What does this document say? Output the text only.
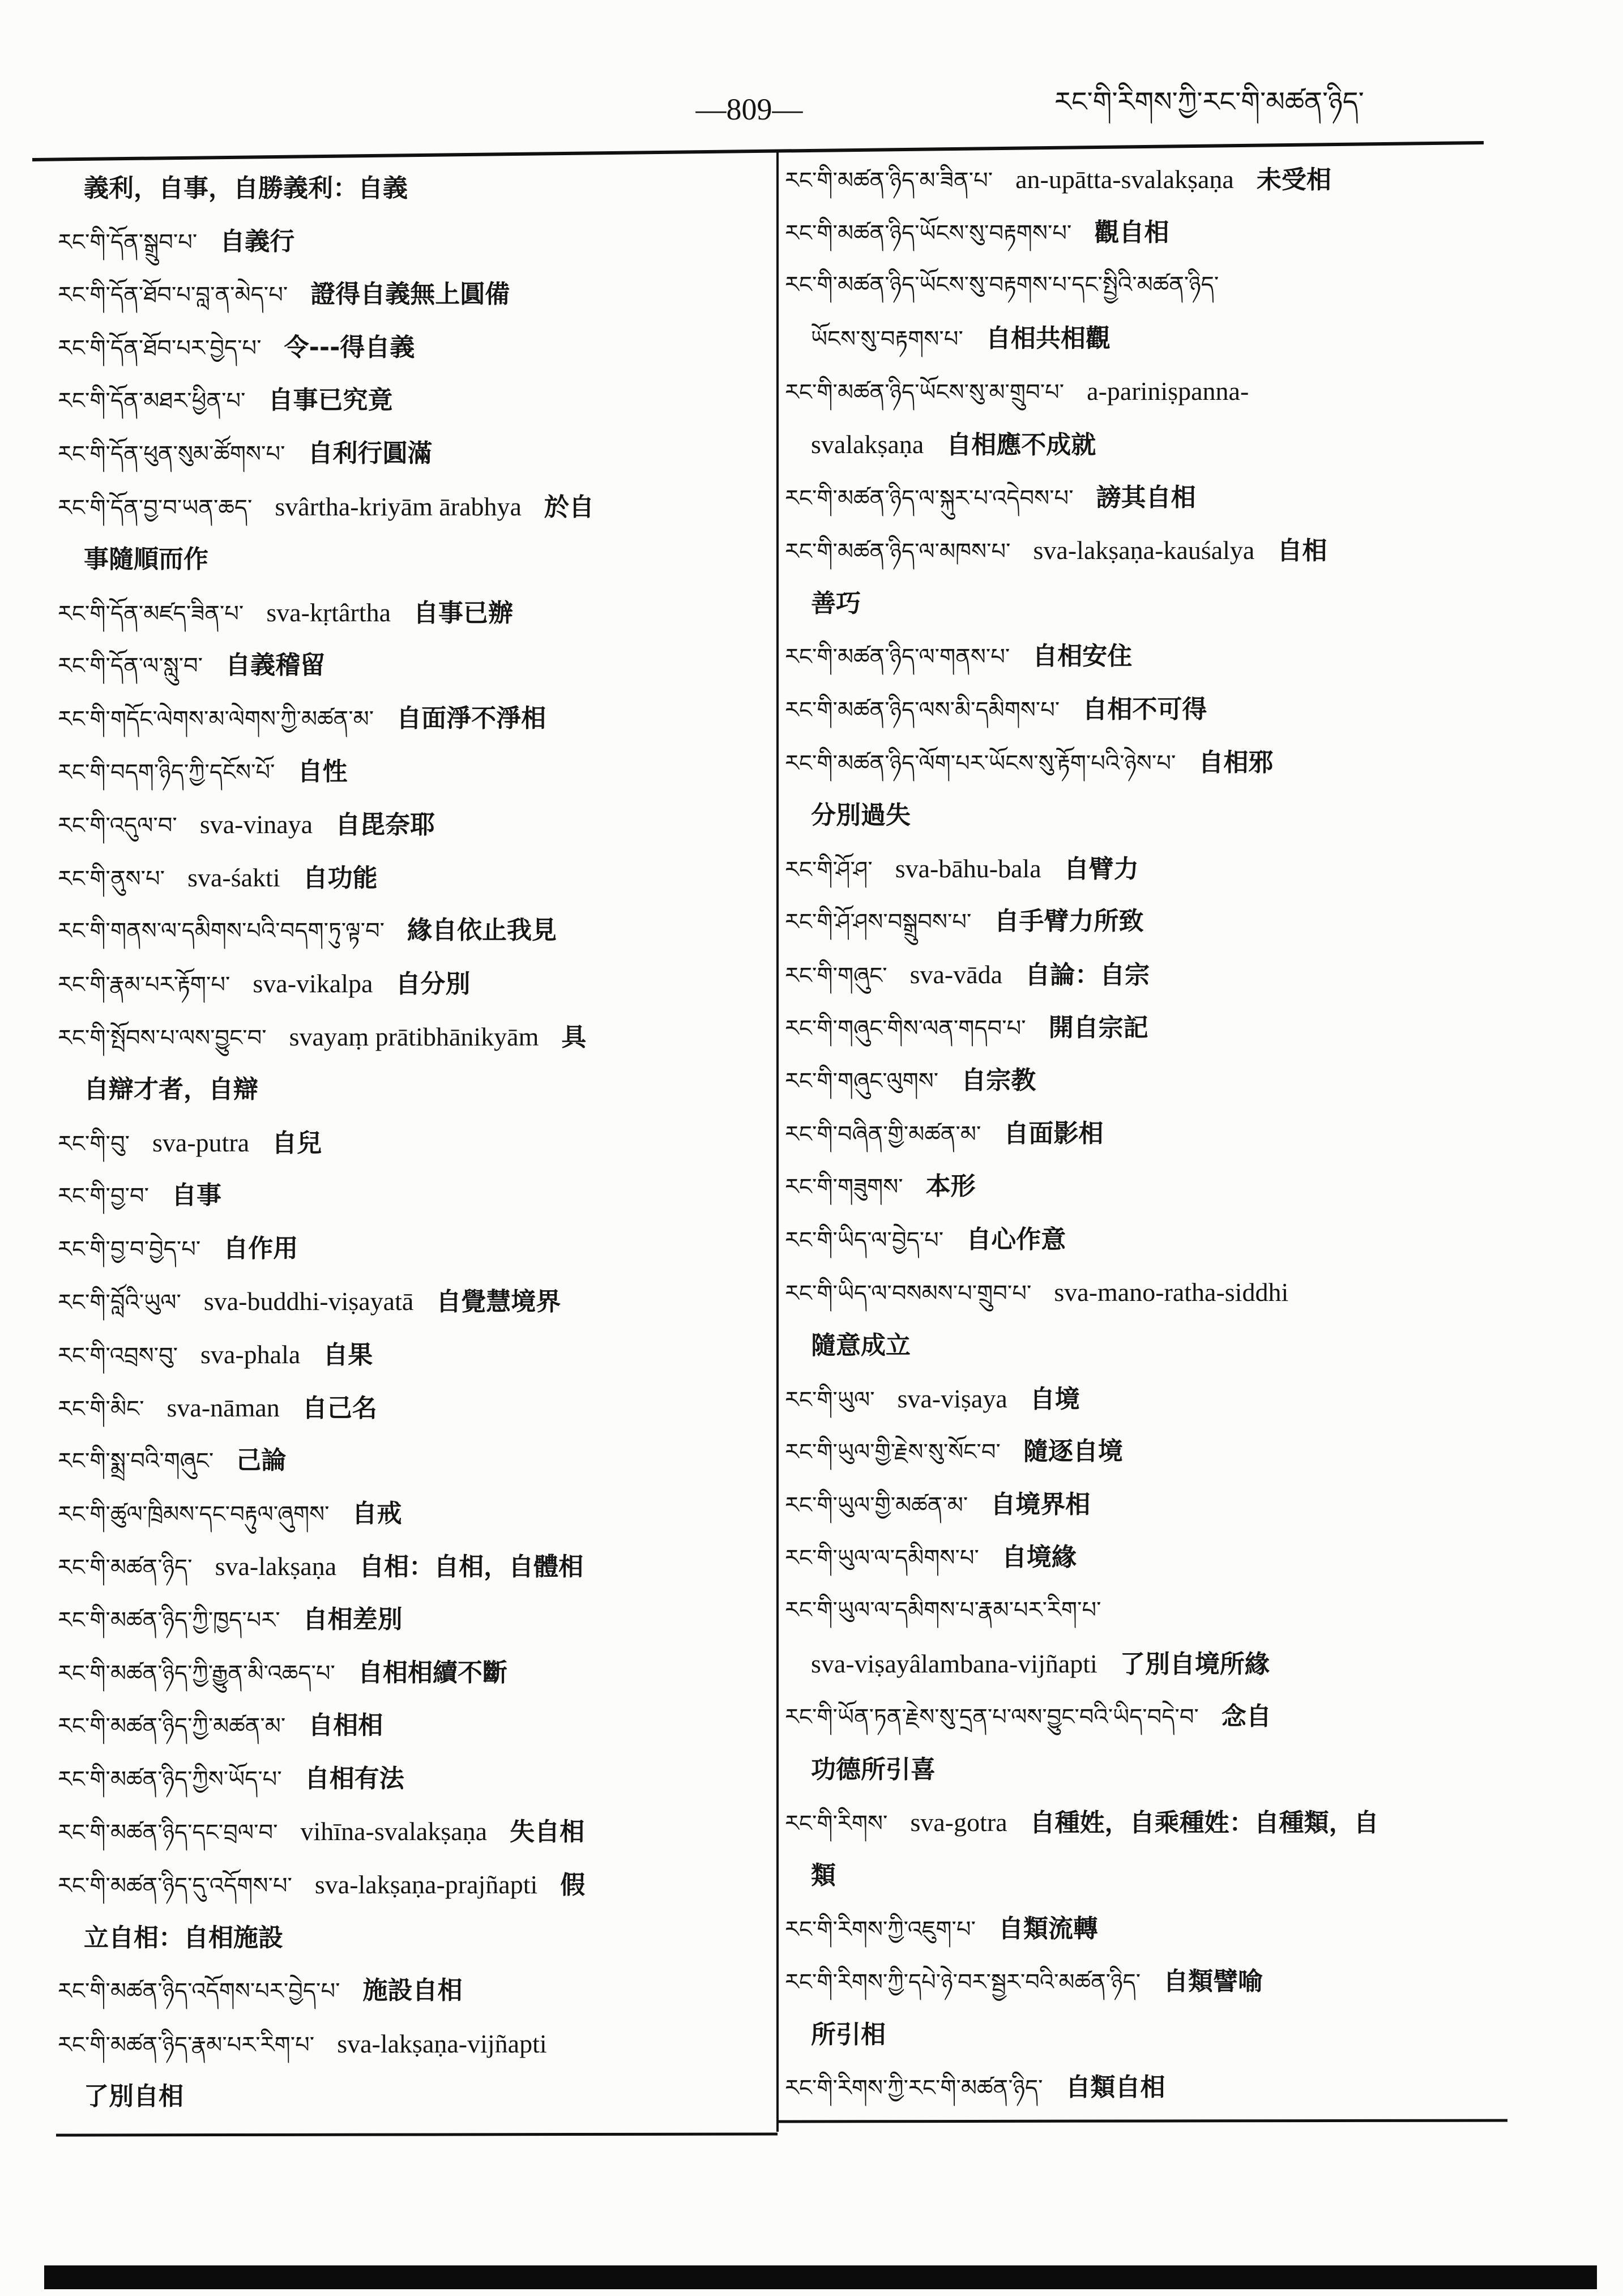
—809—	རང་གི་རིགས་ཀྱི་རང་གི་མཚན་ཉིད་
義利，自事，自勝義利：自義
རང་གི་དོན་སྒྲུབ་པ་ 自義行
རང་གི་དོན་ཐོབ་པ་བླ་ན་མེད་པ་ 證得自義無上圓備
རང་གི་དོན་ཐོབ་པར་བྱེད་པ་ 令---得自義
རང་གི་དོན་མཐར་ཕྱིན་པ་ 自事已究竟
རང་གི་དོན་ཕུན་སུམ་ཚོགས་པ་ 自利行圓滿
རང་གི་དོན་བྱ་བ་ཡན་ཆད་ svârtha-kriyām ārabhya 於自
事隨順而作
རང་གི་དོན་མཛད་ཟིན་པ་ sva-kṛtârtha 自事已辦
རང་གི་དོན་ལ་སླུ་བ་ 自義稽留
རང་གི་གདོང་ལེགས་མ་ལེགས་ཀྱི་མཚན་མ་ 自面淨不淨相
རང་གི་བདག་ཉིད་ཀྱི་དངོས་པོ་ 自性
རང་གི་འདུལ་བ་ sva-vinaya 自毘奈耶
རང་གི་ནུས་པ་ sva-śakti 自功能
རང་གི་གནས་ལ་དམིགས་པའི་བདག་ཏུ་ལྟ་བ་ 緣自依止我見
རང་གི་རྣམ་པར་རྟོག་པ་ sva-vikalpa 自分別
རང་གི་སྤོབས་པ་ལས་བྱུང་བ་ svayaṃ prātibhānikyām 具
自辯才者，自辯
རང་གི་བུ་ sva-putra 自兒
རང་གི་བྱ་བ་ 自事
རང་གི་བྱ་བ་བྱེད་པ་ 自作用
རང་གི་བློའི་ཡུལ་ sva-buddhi-viṣayatā 自覺慧境界
རང་གི་འབྲས་བུ་ sva-phala 自果
རང་གི་མིང་ sva-nāman 自己名
རང་གི་སྨྲ་བའི་གཞུང་ 己論
རང་གི་ཚུལ་ཁྲིམས་དང་བརྟུལ་ཞུགས་ 自戒
རང་གི་མཚན་ཉིད་ sva-lakṣaṇa 自相：自相，自體相
རང་གི་མཚན་ཉིད་ཀྱི་ཁྱད་པར་ 自相差別
རང་གི་མཚན་ཉིད་ཀྱི་རྒྱུན་མི་འཆད་པ་ 自相相續不斷
རང་གི་མཚན་ཉིད་ཀྱི་མཚན་མ་ 自相相
རང་གི་མཚན་ཉིད་ཀྱིས་ཡོད་པ་ 自相有法
རང་གི་མཚན་ཉིད་དང་བྲལ་བ་ vihīna-svalakṣaṇa 失自相
རང་གི་མཚན་ཉིད་དུ་འདོགས་པ་ sva-lakṣaṇa-prajñapti 假
立自相：自相施設
རང་གི་མཚན་ཉིད་འདོགས་པར་བྱེད་པ་ 施設自相
རང་གི་མཚན་ཉིད་རྣམ་པར་རིག་པ་ sva-lakṣaṇa-vijñapti
了別自相
རང་གི་མཚན་ཉིད་མ་ཟིན་པ་ an-upātta-svalakṣaṇa 未受相
རང་གི་མཚན་ཉིད་ཡོངས་སུ་བརྟགས་པ་ 觀自相
རང་གི་མཚན་ཉིད་ཡོངས་སུ་བརྟགས་པ་དང་སྤྱིའི་མཚན་ཉིད་
ཡོངས་སུ་བརྟགས་པ་ 自相共相觀
རང་གི་མཚན་ཉིད་ཡོངས་སུ་མ་གྲུབ་པ་ a-pariniṣpanna-
svalakṣaṇa 自相應不成就
རང་གི་མཚན་ཉིད་ལ་སྐུར་པ་འདེབས་པ་ 謗其自相
རང་གི་མཚན་ཉིད་ལ་མཁས་པ་ sva-lakṣaṇa-kauśalya 自相
善巧
རང་གི་མཚན་ཉིད་ལ་གནས་པ་ 自相安住
རང་གི་མཚན་ཉིད་ལས་མི་དམིགས་པ་ 自相不可得
རང་གི་མཚན་ཉིད་ལོག་པར་ཡོངས་སུ་རྟོག་པའི་ཉེས་པ་ 自相邪
分別過失
རང་གི་ཤོ་ཤ་ sva-bāhu-bala 自臂力
རང་གི་ཤོ་ཤས་བསྒྲུབས་པ་ 自手臂力所致
རང་གི་གཞུང་ sva-vāda 自論：自宗
རང་གི་གཞུང་གིས་ལན་གདབ་པ་ 開自宗記
རང་གི་གཞུང་ལུགས་ 自宗教
རང་གི་བཞིན་གྱི་མཚན་མ་ 自面影相
རང་གི་གཟུགས་ 本形
རང་གི་ཡིད་ལ་བྱེད་པ་ 自心作意
རང་གི་ཡིད་ལ་བསམས་པ་གྲུབ་པ་ sva-mano-ratha-siddhi
隨意成立
རང་གི་ཡུལ་ sva-viṣaya 自境
རང་གི་ཡུལ་གྱི་རྗེས་སུ་སོང་བ་ 隨逐自境
རང་གི་ཡུལ་གྱི་མཚན་མ་ 自境界相
རང་གི་ཡུལ་ལ་དམིགས་པ་ 自境緣
རང་གི་ཡུལ་ལ་དམིགས་པ་རྣམ་པར་རིག་པ་
sva-viṣayâlambana-vijñapti 了別自境所緣
རང་གི་ཡོན་ཏན་རྗེས་སུ་དྲན་པ་ལས་བྱུང་བའི་ཡིད་བདེ་བ་ 念自
功德所引喜
རང་གི་རིགས་ sva-gotra 自種姓，自乘種姓：自種類，自
類
རང་གི་རིགས་ཀྱི་འཇུག་པ་ 自類流轉
རང་གི་རིགས་ཀྱི་དཔེ་ཉེ་བར་སྦྱར་བའི་མཚན་ཉིད་ 自類譬喻
所引相
རང་གི་རིགས་ཀྱི་རང་གི་མཚན་ཉིད་ 自類自相
